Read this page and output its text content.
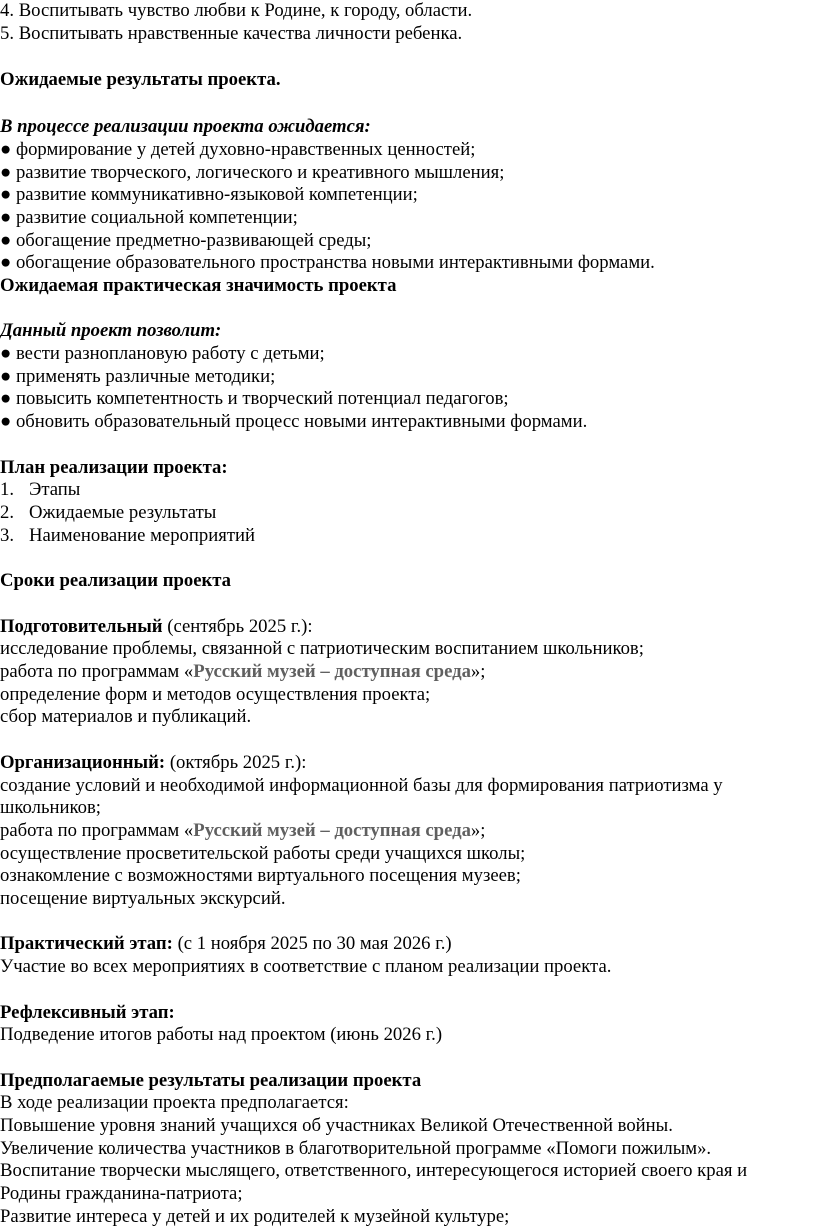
4. Воспитывать чувство любви к Родине, к городу, области.
5. Воспитывать нравственные качества личности ребенка.
Ожидаемые результаты проекта.
В процессе реализации проекта ожидается:
● формирование у детей духовно-нравственных ценностей;
● развитие творческого, логического и креативного мышления;
● развитие коммуникативно-языковой компетенции;
● развитие социальной компетенции;
● обогащение предметно-развивающей среды;
● обогащение образовательного пространства новыми интерактивными формами.
Ожидаемая практическая значимость проекта
Данный проект позволит:
● вести разноплановую работу с детьми;
● применять различные методики;
● повысить компетентность и творческий потенциал педагогов;
● обновить образовательный процесс новыми интерактивными формами.
План реализации проекта:
1. Этапы
2. Ожидаемые результаты
3. Наименование мероприятий
Сроки реализации проекта
Подготовительный (сентябрь 2025 г.):
исследование проблемы, связанной с патриотическим воспитанием школьников;
работа по программам «Русский музей – доступная среда»;
определение форм и методов осуществления проекта;
сбор материалов и публикаций.
Организационный: (октябрь 2025 г.):
создание условий и необходимой информационной базы для формирования патриотизма у
школьников;
работа по программам «Русский музей – доступная среда»;
осуществление просветительской работы среди учащихся школы;
ознакомление с возможностями виртуального посещения музеев;
посещение виртуальных экскурсий.
Практический этап: (с 1 ноября 2025 по 30 мая 2026 г.)
Участие во всех мероприятиях в соответствие с планом реализации проекта.
Рефлексивный этап:
Подведение итогов работы над проектом (июнь 2026 г.)
Предполагаемые результаты реализации проекта
В ходе реализации проекта предполагается:
Повышение уровня знаний учащихся об участниках Великой Отечественной войны.
Увеличение количества участников в благотворительной программе «Помоги пожилым».
Воспитание творчески мыслящего, ответственного, интересующегося историей своего края и
Родины гражданина-патриота;
Развитие интереса у детей и их родителей к музейной культуре;
